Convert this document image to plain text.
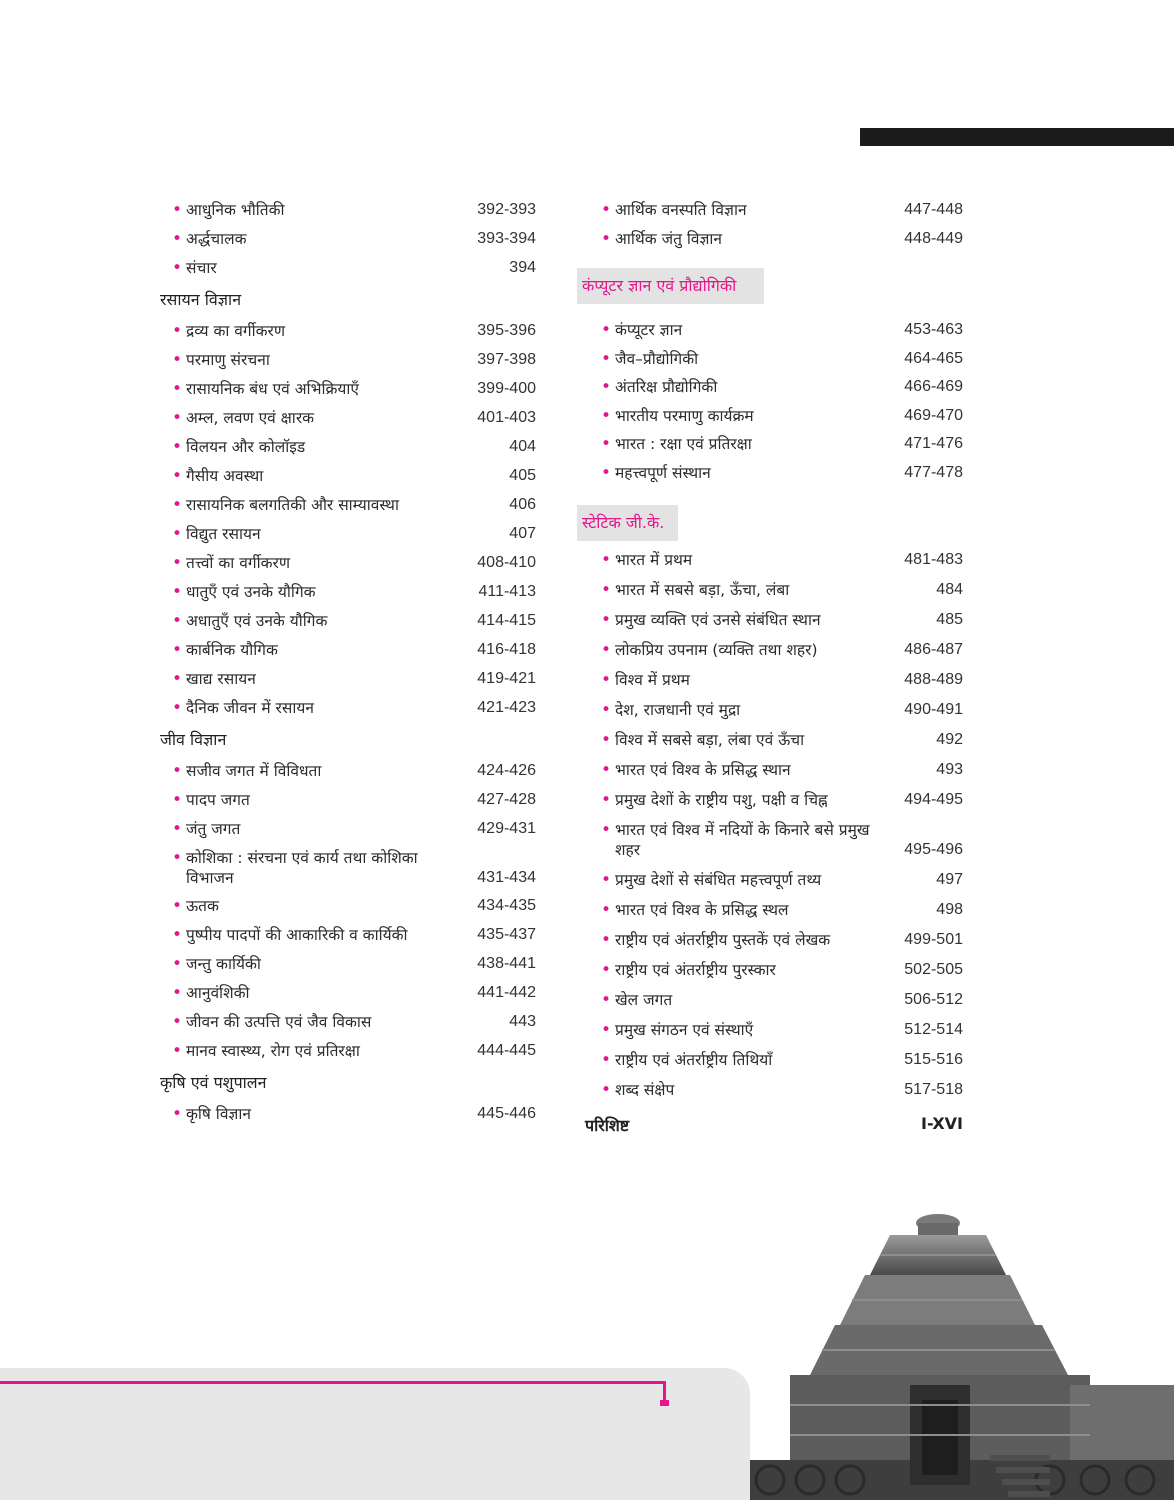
• आधुनिक भौतिकी	392-393
• अर्द्धचालक	393-394
• संचार	394
रसायन विज्ञान
• द्रव्य का वर्गीकरण	395-396
• परमाणु संरचना	397-398
• रासायनिक बंध एवं अभिक्रियाएँ	399-400
• अम्ल, लवण एवं क्षारक	401-403
• विलयन और कोलॉइड	404
• गैसीय अवस्था	405
• रासायनिक बलगतिकी और साम्यावस्था	406
• विद्युत रसायन	407
• तत्त्वों का वर्गीकरण	408-410
• धातुएँ एवं उनके यौगिक	411-413
• अधातुएँ एवं उनके यौगिक	414-415
• कार्बनिक यौगिक	416-418
• खाद्य रसायन	419-421
• दैनिक जीवन में रसायन	421-423
जीव विज्ञान
• सजीव जगत में विविधता	424-426
• पादप जगत	427-428
• जंतु जगत	429-431
• कोशिका : संरचना एवं कार्य तथा कोशिका विभाजन	431-434
• ऊतक	434-435
• पुष्पीय पादपों की आकारिकी व कार्यिकी	435-437
• जन्तु कार्यिकी	438-441
• आनुवंशिकी	441-442
• जीवन की उत्पत्ति एवं जैव विकास	443
• मानव स्वास्थ्य, रोग एवं प्रतिरक्षा	444-445
कृषि एवं पशुपालन
• कृषि विज्ञान	445-446
• आर्थिक वनस्पति विज्ञान	447-448
• आर्थिक जंतु विज्ञान	448-449
कंप्यूटर ज्ञान एवं प्रौद्योगिकी
• कंप्यूटर ज्ञान	453-463
• जैव–प्रौद्योगिकी	464-465
• अंतरिक्ष प्रौद्योगिकी	466-469
• भारतीय परमाणु कार्यक्रम	469-470
• भारत : रक्षा एवं प्रतिरक्षा	471-476
• महत्त्वपूर्ण संस्थान	477-478
स्टेटिक जी.के.
• भारत में प्रथम	481-483
• भारत में सबसे बड़ा, ऊँचा, लंबा	484
• प्रमुख व्यक्ति एवं उनसे संबंधित स्थान	485
• लोकप्रिय उपनाम (व्यक्ति तथा शहर)	486-487
• विश्व में प्रथम	488-489
• देश, राजधानी एवं मुद्रा	490-491
• विश्व में सबसे बड़ा, लंबा एवं ऊँचा	492
• भारत एवं विश्व के प्रसिद्ध स्थान	493
• प्रमुख देशों के राष्ट्रीय पशु, पक्षी व चिह्न	494-495
• भारत एवं विश्व में नदियों के किनारे बसे प्रमुख शहर	495-496
• प्रमुख देशों से संबंधित महत्त्वपूर्ण तथ्य	497
• भारत एवं विश्व के प्रसिद्ध स्थल	498
• राष्ट्रीय एवं अंतर्राष्ट्रीय पुस्तकें एवं लेखक	499-501
• राष्ट्रीय एवं अंतर्राष्ट्रीय पुरस्कार	502-505
• खेल जगत	506-512
• प्रमुख संगठन एवं संस्थाएँ	512-514
• राष्ट्रीय एवं अंतर्राष्ट्रीय तिथियाँ	515-516
• शब्द संक्षेप	517-518
परिशिष्ट	I-XVI
